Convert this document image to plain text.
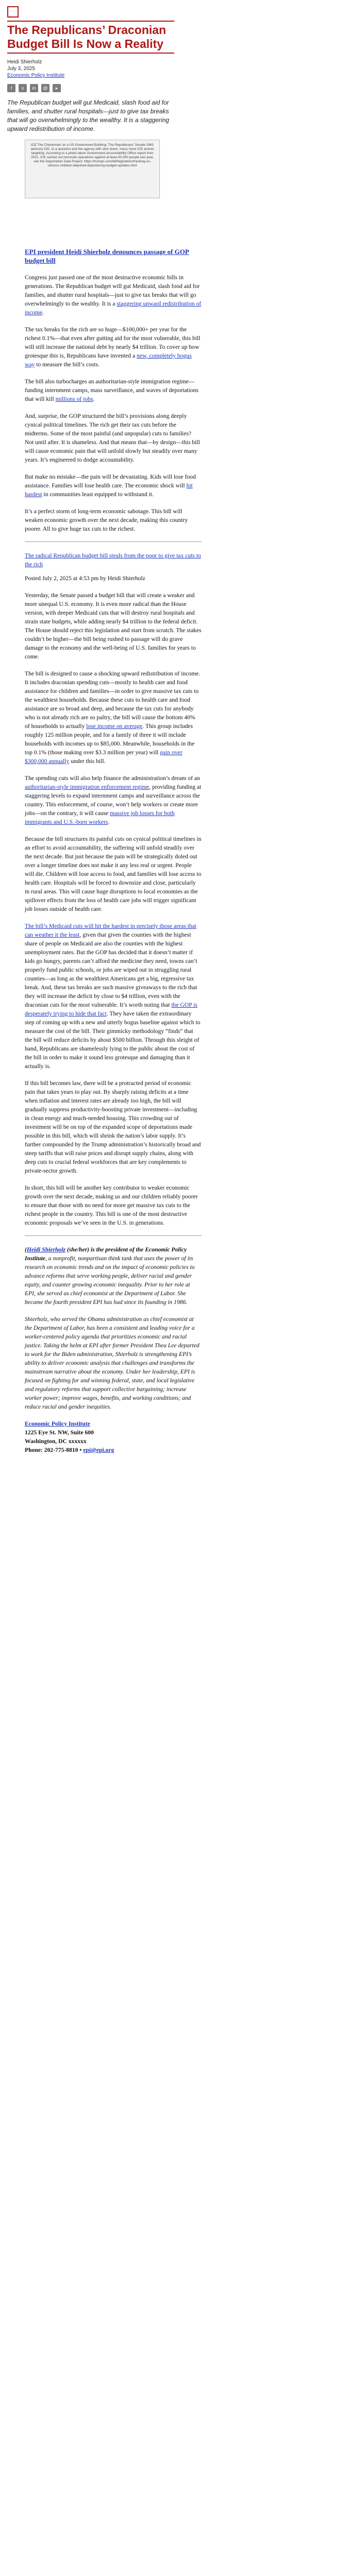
The Republicans’ Draconian Budget Bill Is Now a Reality
Heidi Shierholz
July 3, 2025
Economic Policy Institute
f	x	in	@	▸
The Republican budget will gut Medicaid, slash food aid for families, and shutter rural hospitals—just to give tax breaks that will go overwhelmingly to the wealthy. It is a staggering upward redistribution of income.
ICE The Checkmark on a US Government Building: The Republicans' Senate SMS advisory ICE, to a question and the agency with shut down, many more ICE arrests targeting. According to a photo taken Government accountability Office report from 2021. ICE carried out removals operations against at least 60,000 people last year, see the Deportation Data Project: https://trumps.com/bill/legislation/tracking-us-citizens-children-deported-deported-by-budget-updates.html

EPI president Heidi Shierholz denounces passage of GOP budget bill

Congress just passed one of the most destructive economic bills in generations. The Republican budget will gut Medicaid, slash food aid for families, and shutter rural hospitals—just to give tax breaks that will go overwhelmingly to the wealthy. It is a staggering upward redistribution of income.

The tax breaks for the rich are so huge—$100,000+ per year for the richest 0.1%—that even after gutting aid for the most vulnerable, this bill will still increase the national debt by nearly $4 trillion. To cover up how grotesque this is, Republicans have invented a new, completely bogus way to measure the bill’s costs.

The bill also turbocharges an authoritarian-style immigration regime—funding internment camps, mass surveillance, and waves of deportations that will kill millions of jobs.

And, surprise, the GOP structured the bill’s provisions along deeply cynical political timelines. The rich get their tax cuts before the midterms. Some of the most painful (and unpopular) cuts to families? Not until after. It is shameless. And that means that—by design—this bill will cause economic pain that will unfold slowly but steadily over many years. It’s engineered to dodge accountability.

But make no mistake—the pain will be devastating. Kids will lose food assistance. Families will lose health care. The economic shock will hit hardest in communities least equipped to withstand it.

It’s a perfect storm of long-term economic sabotage. This bill will weaken economic growth over the next decade, making this country poorer. All to give huge tax cuts to the richest.

The radical Republican budget bill steals from the poor to give tax cuts to the rich

Posted July 2, 2025 at 4:53 pm by Heidi Shierholz

Yesterday, the Senate passed a budget bill that will create a weaker and more unequal U.S. economy. It is even more radical than the House version, with deeper Medicaid cuts that will destroy rural hospitals and strain state budgets, while adding nearly $4 trillion to the federal deficit. The House should reject this legislation and start from scratch. The stakes couldn’t be higher—the bill being rushed to passage will do grave damage to the economy and the well-being of U.S. families for years to come.

The bill is designed to cause a shocking upward redistribution of income. It includes draconian spending cuts—mostly to health care and food assistance for children and families—in order to give massive tax cuts to the wealthiest households. Because these cuts to health care and food assistance are so broad and deep, and because the tax cuts for anybody who is not already rich are so paltry, the bill will cause the bottom 40% of households to actually lose income on average. This group includes roughly 125 million people, and for a family of three it will include households with incomes up to $85,000. Meanwhile, households in the top 0.1% (those making over $3.3 million per year) will gain over $300,000 annually under this bill.

The spending cuts will also help finance the administration’s dream of an authoritarian-style immigration enforcement regime, providing funding at staggering levels to expand internment camps and surveillance across the country. This enforcement, of course, won’t help workers or create more jobs—on the contrary, it will cause massive job losses for both immigrants and U.S.-born workers.

Because the bill structures its painful cuts on cynical political timelines in an effort to avoid accountability, the suffering will unfold steadily over the next decade. But just because the pain will be strategically doled out over a longer timeline does not make it any less real or urgent. People will die. Children will lose access to food, and families will lose access to health care. Hospitals will be forced to downsize and close, particularly in rural areas. This will cause huge disruptions to local economies as the spillover effects from the loss of health care jobs will trigger significant job losses outside of health care.

The bill’s Medicaid cuts will hit the hardest in precisely those areas that can weather it the least, given that given the counties with the highest share of people on Medicaid are also the counties with the highest unemployment rates. But the GOP has decided that it doesn’t matter if kids go hungry, parents can’t afford the medicine they need, towns can’t properly fund public schools, or jobs are wiped out in struggling rural counties—as long as the wealthiest Americans get a big, regressive tax break. And, these tax breaks are such massive giveaways to the rich that they will increase the deficit by close to $4 trillion, even with the draconian cuts for the most vulnerable. It’s worth noting that the GOP is desperately trying to hide that fact. They have taken the extraordinary step of coming up with a new and utterly bogus baseline against which to measure the cost of the bill. Their gimmicky methodology “finds” that the bill will reduce deficits by about $500 billion. Through this sleight of hand, Republicans are shamelessly lying to the public about the cost of the bill in order to make it sound less grotesque and damaging than it actually is.

If this bill becomes law, there will be a protracted period of economic pain that takes years to play out. By sharply raising deficits at a time when inflation and interest rates are already too high, the bill will gradually suppress productivity-boosting private investment—including in clean energy and much-needed housing. This crowding out of investment will be on top of the expanded scope of deportations made possible in this bill, which will shrink the nation’s labor supply. It’s further compounded by the Trump administration’s historically broad and steep tariffs that will raise prices and disrupt supply chains, along with deep cuts to crucial federal workforces that are key complements to private-sector growth.

In short, this bill will be another key contributor to weaker economic growth over the next decade, making us and our children reliably poorer to ensure that those with no need for more get massive tax cuts to the richest people in the country. This bill is one of the most destructive economic proposals we’ve seen in the U.S. in generations.

(Heidi Shierholz (she/her) is the president of the Economic Policy Institute, a nonprofit, nonpartisan think tank that uses the power of its research on economic trends and on the impact of economic policies to advance reforms that serve working people, deliver racial and gender equity, and counter growing economic inequality. Prior to her role at EPI, she served as chief economist at the Department of Labor. She became the fourth president EPI has had since its founding in 1986.

Shierholz, who served the Obama administration as chief economist at the Department of Labor, has been a consistent and leading voice for a worker-centered policy agenda that prioritizes economic and racial justice. Taking the helm at EPI after former President Thea Lee departed to work for the Biden administration, Shierholz is strengthening EPI’s ability to deliver economic analysis that challenges and transforms the mainstream narrative about the economy. Under her leadership, EPI is focused on fighting for and winning federal, state, and local legislative and regulatory reforms that support collective bargaining; increase worker power; improve wages, benefits, and working conditions; and reduce racial and gender inequities.

Economic Policy Institute
1225 Eye St. NW, Suite 600
Washington, DC xxxxxx
Phone: 202-775-8810 • epi@epi.org
